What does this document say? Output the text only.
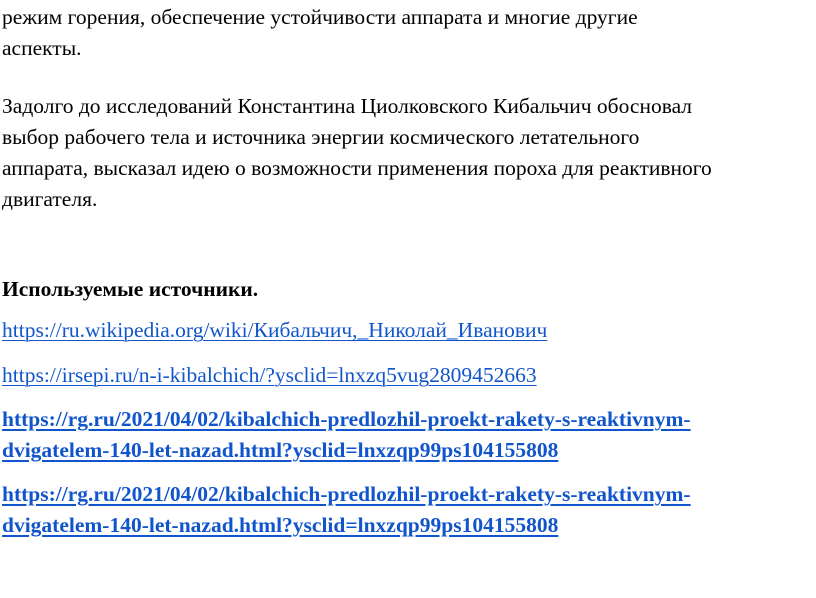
режим горения, обеспечение устойчивости аппарата и многие другие
аспекты.
Задолго до исследований Константина Циолковского Кибальчич обосновал
выбор рабочего тела и источника энергии космического летательного
аппарата, высказал идею о возможности применения пороха для реактивного
двигателя.
Используемые источники.
https://ru.wikipedia.org/wiki/Кибальчич,_Николай_Иванович
https://irsepi.ru/n-i-kibalchich/?ysclid=lnxzq5vug2809452663
https://rg.ru/2021/04/02/kibalchich-predlozhil-proekt-rakety-s-reaktivnym-
dvigatelem-140-let-nazad.html?ysclid=lnxzqp99ps104155808
https://rg.ru/2021/04/02/kibalchich-predlozhil-proekt-rakety-s-reaktivnym-
dvigatelem-140-let-nazad.html?ysclid=lnxzqp99ps104155808
